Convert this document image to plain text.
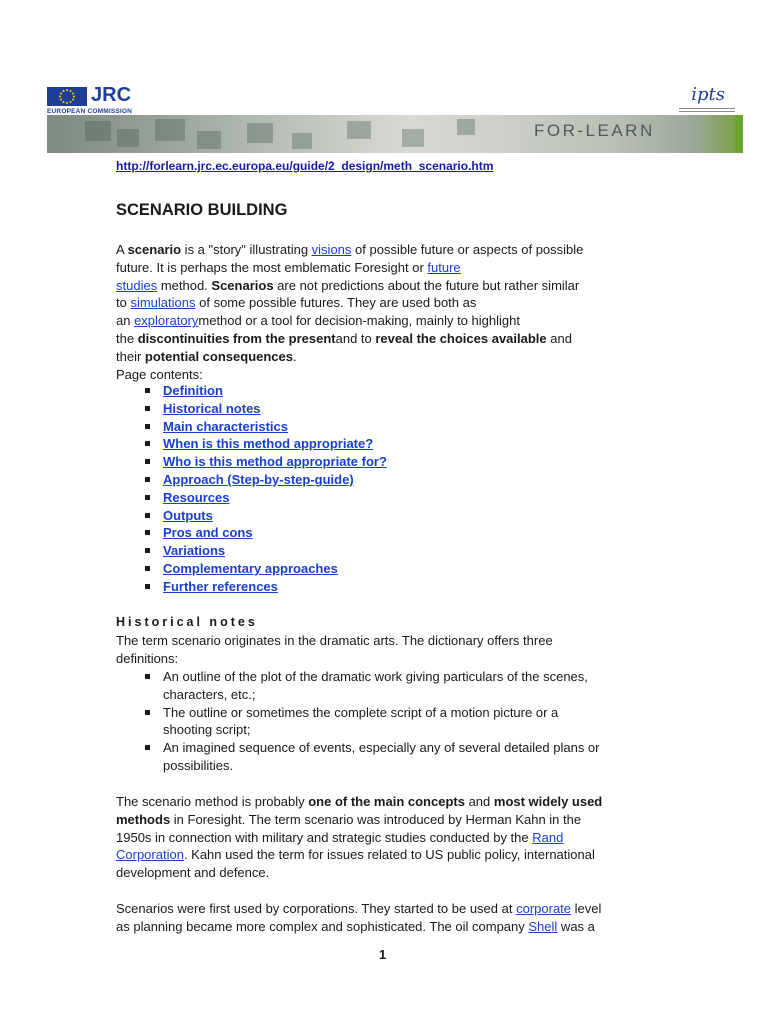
JRC
EUROPEAN COMMISSION
ipts
FOR-LEARN
http://forlearn.jrc.ec.europa.eu/guide/2_design/meth_scenario.htm
SCENARIO BUILDING

A scenario is a "story" illustrating visions of possible future or aspects of possible
future. It is perhaps the most emblematic Foresight or future
studies method. Scenarios are not predictions about the future but rather similar
to simulations of some possible futures. They are used both as
an exploratorymethod or a tool for decision-making, mainly to highlight
the discontinuities from the presentand to reveal the choices available and
their potential consequences.
Page contents:

Definition
Historical notes
Main characteristics
When is this method appropriate?
Who is this method appropriate for?
Approach (Step-by-step-guide)
Resources
Outputs
Pros and cons
Variations
Complementary approaches
Further references
Historical notes

The term scenario originates in the dramatic arts. The dictionary offers three
definitions:

An outline of the plot of the dramatic work giving particulars of the scenes,
characters, etc.;
The outline or sometimes the complete script of a motion picture or a
shooting script;
An imagined sequence of events, especially any of several detailed plans or
possibilities.

The scenario method is probably one of the main concepts and most widely used
methods in Foresight. The term scenario was introduced by Herman Kahn in the
1950s in connection with military and strategic studies conducted by the Rand
Corporation. Kahn used the term for issues related to US public policy, international
development and defence.

Scenarios were first used by corporations. They started to be used at corporate level
as planning became more complex and sophisticated. The oil company Shell was a

1
